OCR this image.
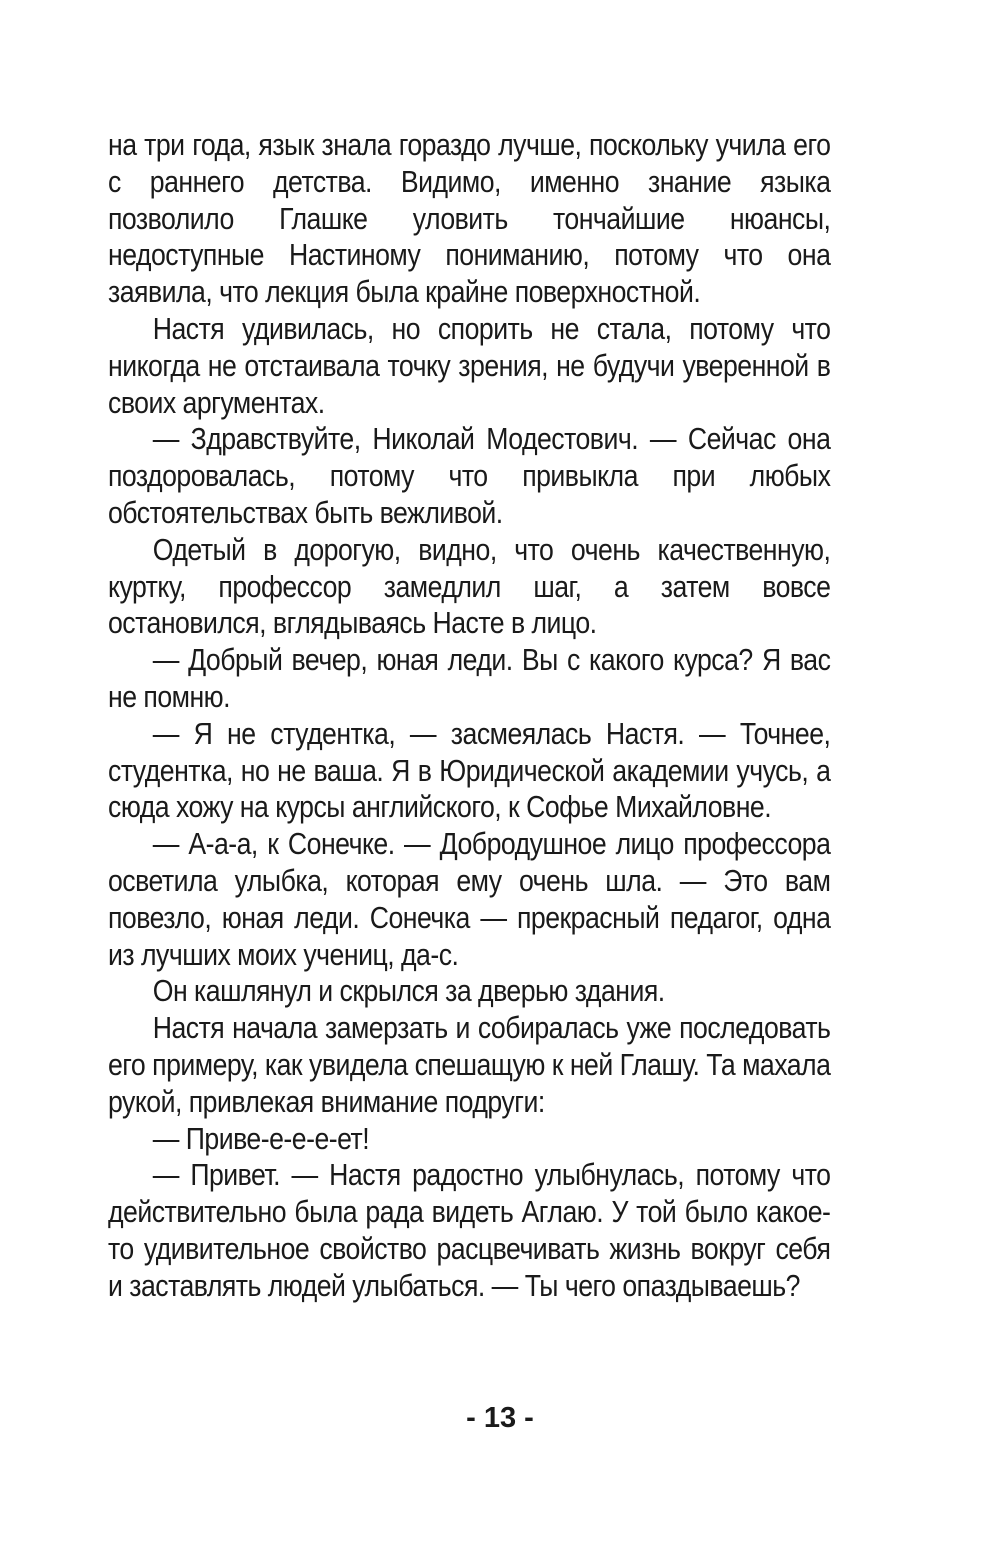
на три года, язык знала гораздо лучше, поскольку учила его с раннего детства. Видимо, именно знание языка позволило Глашке уловить тончайшие нюансы, недоступные Настиному пониманию, потому что она заявила, что лекция была крайне поверхностной.

Настя удивилась, но спорить не стала, потому что никогда не отстаивала точку зрения, не будучи уверенной в своих аргументах.

— Здравствуйте, Николай Модестович. — Сейчас она поздоровалась, потому что привыкла при любых обстоятельствах быть вежливой.

Одетый в дорогую, видно, что очень качественную, куртку, профессор замедлил шаг, а затем вовсе остановился, вглядываясь Насте в лицо.

— Добрый вечер, юная леди. Вы с какого курса? Я вас не помню.

— Я не студентка, — засмеялась Настя. — Точнее, студентка, но не ваша. Я в Юридической академии учусь, а сюда хожу на курсы английского, к Софье Михайловне.

— А-а-а, к Сонечке. — Добродушное лицо профессора осветила улыбка, которая ему очень шла. — Это вам повезло, юная леди. Сонечка — прекрасный педагог, одна из лучших моих учениц, да-с.

Он кашлянул и скрылся за дверью здания.

Настя начала замерзать и собиралась уже последовать его примеру, как увидела спешащую к ней Глашу. Та махала рукой, привлекая внимание подруги:

— Приве-е-е-е-ет!

— Привет. — Настя радостно улыбнулась, потому что действительно была рада видеть Аглаю. У той было какое-то удивительное свойство расцвечивать жизнь вокруг себя и заставлять людей улыбаться. — Ты чего опаздываешь?

- 13 -
